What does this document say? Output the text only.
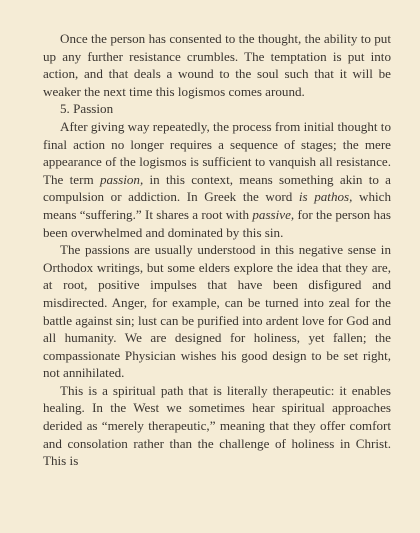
Once the person has consented to the thought, the ability to put up any further resistance crumbles. The temptation is put into action, and that deals a wound to the soul such that it will be weaker the next time this logismos comes around.

5. Passion

After giving way repeatedly, the process from initial thought to final action no longer requires a sequence of stages; the mere appearance of the logismos is sufficient to vanquish all resistance. The term passion, in this context, means something akin to a compulsion or addiction. In Greek the word is pathos, which means “suffering.” It shares a root with passive, for the person has been overwhelmed and dominated by this sin.

The passions are usually understood in this negative sense in Orthodox writings, but some elders explore the idea that they are, at root, positive impulses that have been disfigured and misdirected. Anger, for example, can be turned into zeal for the battle against sin; lust can be purified into ardent love for God and all humanity. We are designed for holiness, yet fallen; the compassionate Physician wishes his good design to be set right, not annihilated.

This is a spiritual path that is literally therapeutic: it enables healing. In the West we sometimes hear spiritual approaches derided as “merely therapeutic,” meaning that they offer comfort and consolation rather than the challenge of holiness in Christ. This is
